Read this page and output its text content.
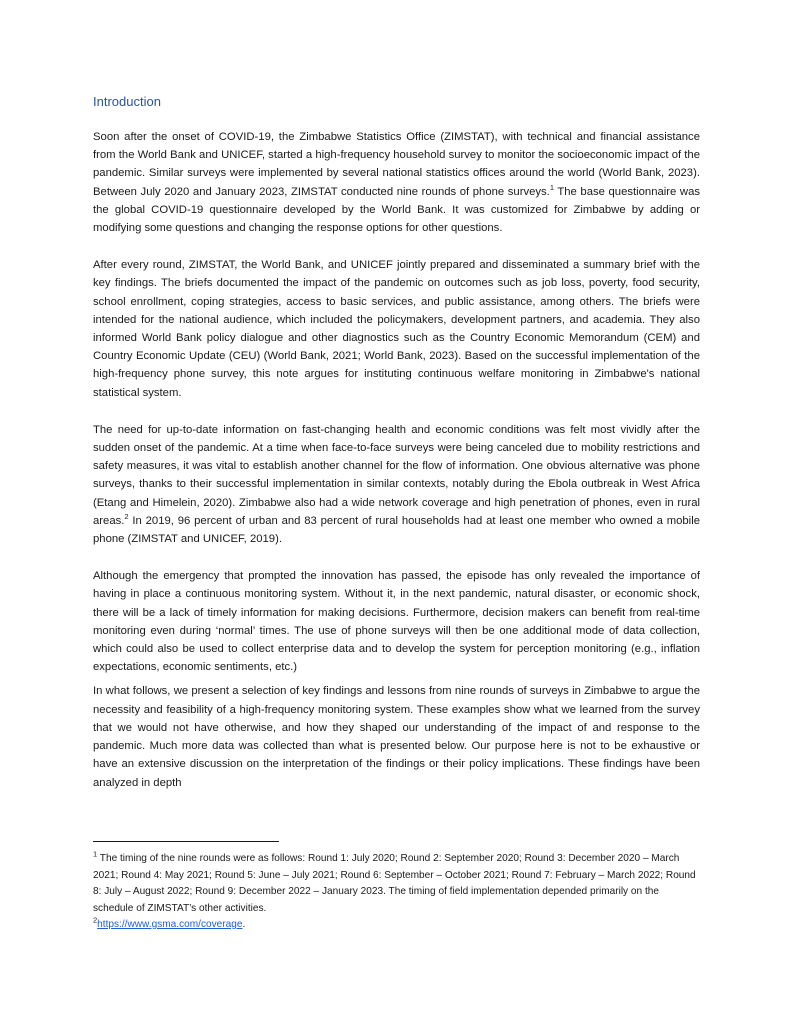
Introduction

Soon after the onset of COVID-19, the Zimbabwe Statistics Office (ZIMSTAT), with technical and financial assistance from the World Bank and UNICEF, started a high-frequency household survey to monitor the socioeconomic impact of the pandemic. Similar surveys were implemented by several national statistics offices around the world (World Bank, 2023). Between July 2020 and January 2023, ZIMSTAT conducted nine rounds of phone surveys.$^1$ The base questionnaire was the global COVID-19 questionnaire developed by the World Bank. It was customized for Zimbabwe by adding or modifying some questions and changing the response options for other questions.

After every round, ZIMSTAT, the World Bank, and UNICEF jointly prepared and disseminated a summary brief with the key findings. The briefs documented the impact of the pandemic on outcomes such as job loss, poverty, food security, school enrollment, coping strategies, access to basic services, and public assistance, among others. The briefs were intended for the national audience, which included the policymakers, development partners, and academia. They also informed World Bank policy dialogue and other diagnostics such as the Country Economic Memorandum (CEM) and Country Economic Update (CEU) (World Bank, 2021; World Bank, 2023). Based on the successful implementation of the high-frequency phone survey, this note argues for instituting continuous welfare monitoring in Zimbabwe's national statistical system.

The need for up-to-date information on fast-changing health and economic conditions was felt most vividly after the sudden onset of the pandemic. At a time when face-to-face surveys were being canceled due to mobility restrictions and safety measures, it was vital to establish another channel for the flow of information. One obvious alternative was phone surveys, thanks to their successful implementation in similar contexts, notably during the Ebola outbreak in West Africa (Etang and Himelein, 2020). Zimbabwe also had a wide network coverage and high penetration of phones, even in rural areas.$^2$ In 2019, 96 percent of urban and 83 percent of rural households had at least one member who owned a mobile phone (ZIMSTAT and UNICEF, 2019).

Although the emergency that prompted the innovation has passed, the episode has only revealed the importance of having in place a continuous monitoring system. Without it, in the next pandemic, natural disaster, or economic shock, there will be a lack of timely information for making decisions. Furthermore, decision makers can benefit from real-time monitoring even during ‘normal’ times. The use of phone surveys will then be one additional mode of data collection, which could also be used to collect enterprise data and to develop the system for perception monitoring (e.g., inflation expectations, economic sentiments, etc.)

In what follows, we present a selection of key findings and lessons from nine rounds of surveys in Zimbabwe to argue the necessity and feasibility of a high-frequency monitoring system. These examples show what we learned from the survey that we would not have otherwise, and how they shaped our understanding of the impact of and response to the pandemic. Much more data was collected than what is presented below. Our purpose here is not to be exhaustive or have an extensive discussion on the interpretation of the findings or their policy implications. These findings have been analyzed in depth

$^1$ The timing of the nine rounds were as follows: Round 1: July 2020; Round 2: September 2020; Round 3: December 2020 – March 2021; Round 4: May 2021; Round 5: June – July 2021; Round 6: September – October 2021; Round 7: February – March 2022; Round 8: July – August 2022; Round 9: December 2022 – January 2023. The timing of field implementation depended primarily on the schedule of ZIMSTAT’s other activities.

$^2$https://www.gsma.com/coverage.
